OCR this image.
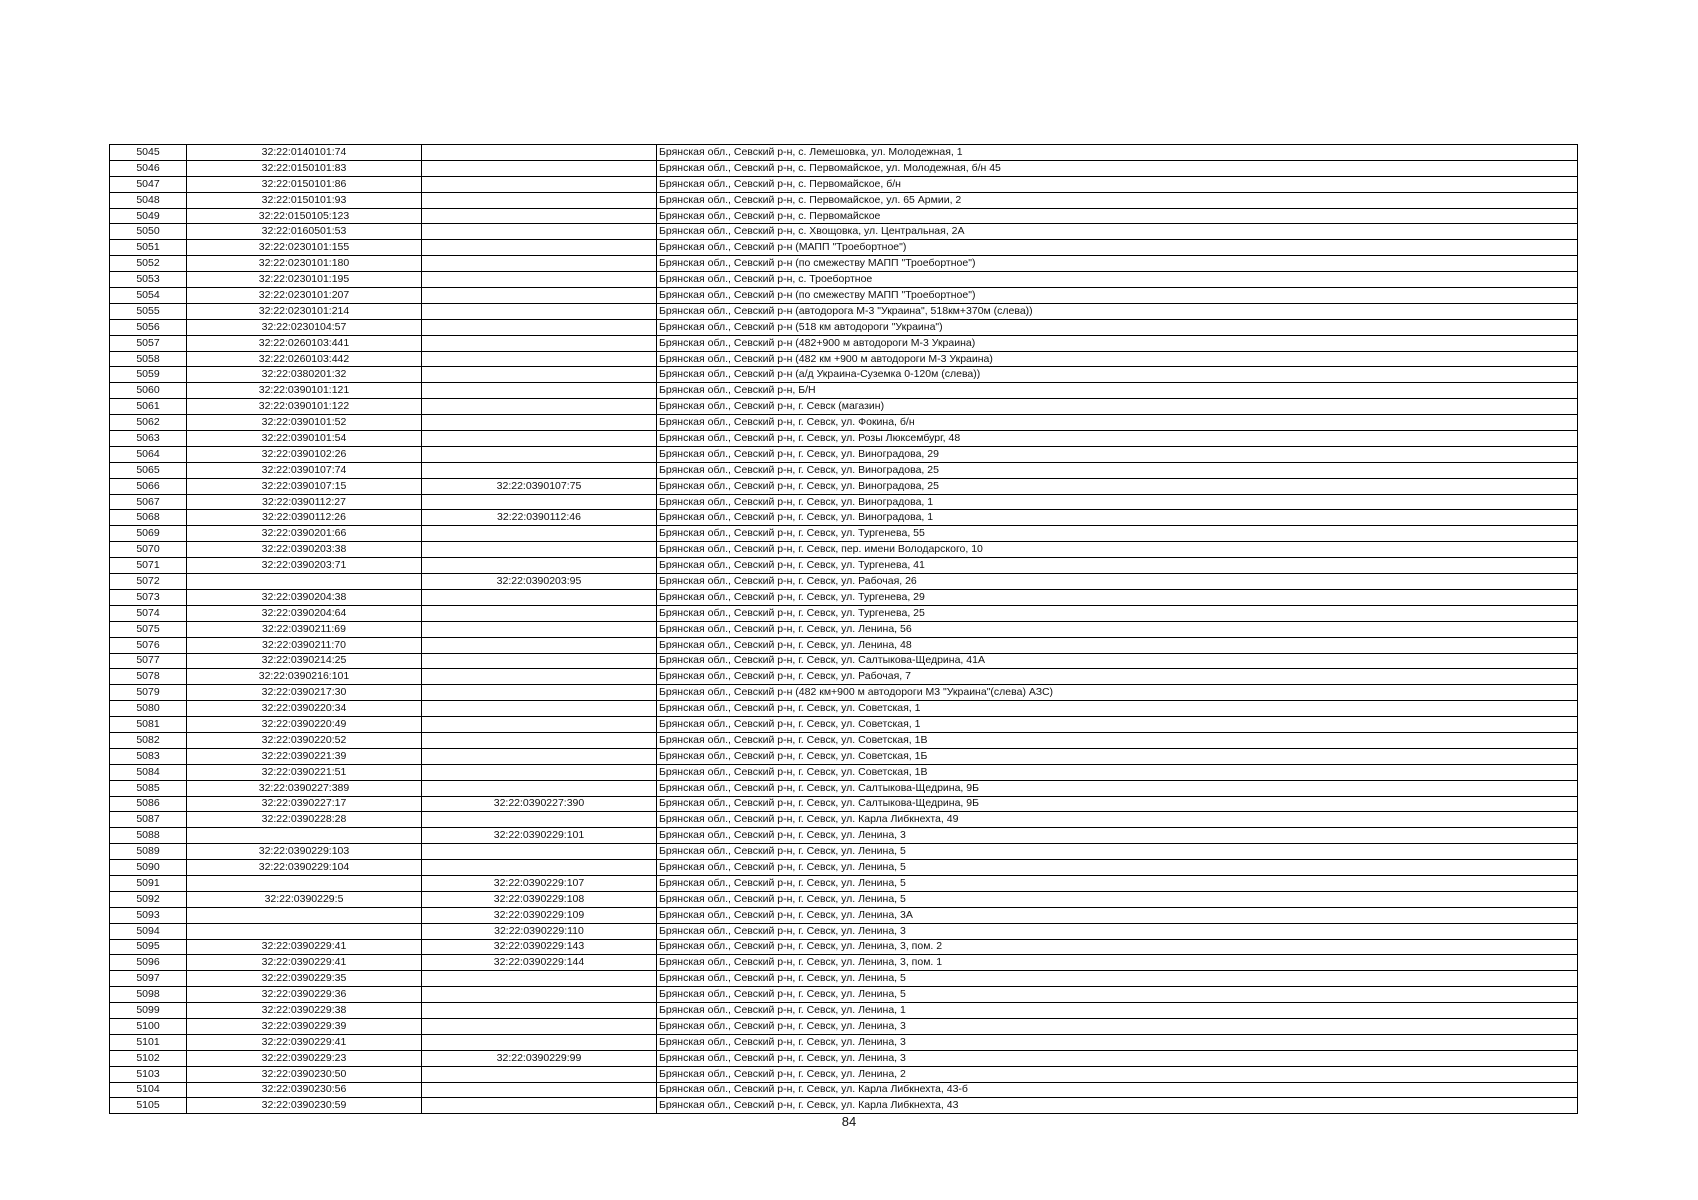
5045	32:22:0140101:74		Брянская обл., Севский р-н, с. Лемешовка, ул. Молодежная, 1
5046	32:22:0150101:83		Брянская обл., Севский р-н, с. Первомайское, ул. Молодежная, б/н 45
5047	32:22:0150101:86		Брянская обл., Севский р-н, с. Первомайское, б/н
5048	32:22:0150101:93		Брянская обл., Севский р-н, с. Первомайское, ул. 65 Армии, 2
5049	32:22:0150105:123		Брянская обл., Севский р-н, с. Первомайское
5050	32:22:0160501:53		Брянская обл., Севский р-н, с. Хвощовка, ул. Центральная, 2А
5051	32:22:0230101:155		Брянская обл., Севский р-н (МАПП "Троебортное")
5052	32:22:0230101:180		Брянская обл., Севский р-н (по смежеству МАПП "Троебортное")
5053	32:22:0230101:195		Брянская обл., Севский р-н, с. Троебортное
5054	32:22:0230101:207		Брянская обл., Севский р-н (по смежеству МАПП "Троебортное")
5055	32:22:0230101:214		Брянская обл., Севский р-н (автодорога М-3 "Украина", 518км+370м (слева))
5056	32:22:0230104:57		Брянская обл., Севский р-н (518 км автодороги "Украина")
5057	32:22:0260103:441		Брянская обл., Севский р-н (482+900 м автодороги М-3 Украина)
5058	32:22:0260103:442		Брянская обл., Севский р-н (482 км +900 м автодороги М-3 Украина)
5059	32:22:0380201:32		Брянская обл., Севский р-н (а/д Украина-Суземка 0-120м (слева))
5060	32:22:0390101:121		Брянская обл., Севский р-н, Б/Н
5061	32:22:0390101:122		Брянская обл., Севский р-н, г. Севск (магазин)
5062	32:22:0390101:52		Брянская обл., Севский р-н, г. Севск, ул. Фокина, б/н
5063	32:22:0390101:54		Брянская обл., Севский р-н, г. Севск, ул. Розы Люксембург, 48
5064	32:22:0390102:26		Брянская обл., Севский р-н, г. Севск, ул. Виноградова, 29
5065	32:22:0390107:74		Брянская обл., Севский р-н, г. Севск, ул. Виноградова, 25
5066	32:22:0390107:15	32:22:0390107:75	Брянская обл., Севский р-н, г. Севск, ул. Виноградова, 25
5067	32:22:0390112:27		Брянская обл., Севский р-н, г. Севск, ул. Виноградова, 1
5068	32:22:0390112:26	32:22:0390112:46	Брянская обл., Севский р-н, г. Севск, ул. Виноградова, 1
5069	32:22:0390201:66		Брянская обл., Севский р-н, г. Севск, ул. Тургенева, 55
5070	32:22:0390203:38		Брянская обл., Севский р-н, г. Севск, пер. имени Володарского, 10
5071	32:22:0390203:71		Брянская обл., Севский р-н, г. Севск, ул. Тургенева, 41
5072		32:22:0390203:95	Брянская обл., Севский р-н, г. Севск, ул. Рабочая, 26
5073	32:22:0390204:38		Брянская обл., Севский р-н, г. Севск, ул. Тургенева, 29
5074	32:22:0390204:64		Брянская обл., Севский р-н, г. Севск, ул. Тургенева, 25
5075	32:22:0390211:69		Брянская обл., Севский р-н, г. Севск, ул. Ленина, 56
5076	32:22:0390211:70		Брянская обл., Севский р-н, г. Севск, ул. Ленина, 48
5077	32:22:0390214:25		Брянская обл., Севский р-н, г. Севск, ул. Салтыкова-Щедрина, 41А
5078	32:22:0390216:101		Брянская обл., Севский р-н, г. Севск, ул. Рабочая, 7
5079	32:22:0390217:30		Брянская обл., Севский р-н (482 км+900 м автодороги М3 "Украина"(слева) АЗС)
5080	32:22:0390220:34		Брянская обл., Севский р-н, г. Севск, ул. Советская, 1
5081	32:22:0390220:49		Брянская обл., Севский р-н, г. Севск, ул. Советская, 1
5082	32:22:0390220:52		Брянская обл., Севский р-н, г. Севск, ул. Советская, 1В
5083	32:22:0390221:39		Брянская обл., Севский р-н, г. Севск, ул. Советская, 1Б
5084	32:22:0390221:51		Брянская обл., Севский р-н, г. Севск, ул. Советская, 1В
5085	32:22:0390227:389		Брянская обл., Севский р-н, г. Севск, ул. Салтыкова-Щедрина, 9Б
5086	32:22:0390227:17	32:22:0390227:390	Брянская обл., Севский р-н, г. Севск, ул. Салтыкова-Щедрина, 9Б
5087	32:22:0390228:28		Брянская обл., Севский р-н, г. Севск, ул. Карла Либкнехта, 49
5088		32:22:0390229:101	Брянская обл., Севский р-н, г. Севск, ул. Ленина, 3
5089	32:22:0390229:103		Брянская обл., Севский р-н, г. Севск, ул. Ленина, 5
5090	32:22:0390229:104		Брянская обл., Севский р-н, г. Севск, ул. Ленина, 5
5091		32:22:0390229:107	Брянская обл., Севский р-н, г. Севск, ул. Ленина, 5
5092	32:22:0390229:5	32:22:0390229:108	Брянская обл., Севский р-н, г. Севск, ул. Ленина, 5
5093		32:22:0390229:109	Брянская обл., Севский р-н, г. Севск, ул. Ленина, 3А
5094		32:22:0390229:110	Брянская обл., Севский р-н, г. Севск, ул. Ленина, 3
5095	32:22:0390229:41	32:22:0390229:143	Брянская обл., Севский р-н, г. Севск, ул. Ленина, 3, пом. 2
5096	32:22:0390229:41	32:22:0390229:144	Брянская обл., Севский р-н, г. Севск, ул. Ленина, 3, пом. 1
5097	32:22:0390229:35		Брянская обл., Севский р-н, г. Севск, ул. Ленина, 5
5098	32:22:0390229:36		Брянская обл., Севский р-н, г. Севск, ул. Ленина, 5
5099	32:22:0390229:38		Брянская обл., Севский р-н, г. Севск, ул. Ленина, 1
5100	32:22:0390229:39		Брянская обл., Севский р-н, г. Севск, ул. Ленина, 3
5101	32:22:0390229:41		Брянская обл., Севский р-н, г. Севск, ул. Ленина, 3
5102	32:22:0390229:23	32:22:0390229:99	Брянская обл., Севский р-н, г. Севск, ул. Ленина, 3
5103	32:22:0390230:50		Брянская обл., Севский р-н, г. Севск, ул. Ленина, 2
5104	32:22:0390230:56		Брянская обл., Севский р-н, г. Севск, ул. Карла Либкнехта, 43-б
5105	32:22:0390230:59		Брянская обл., Севский р-н, г. Севск, ул. Карла Либкнехта, 43
84
